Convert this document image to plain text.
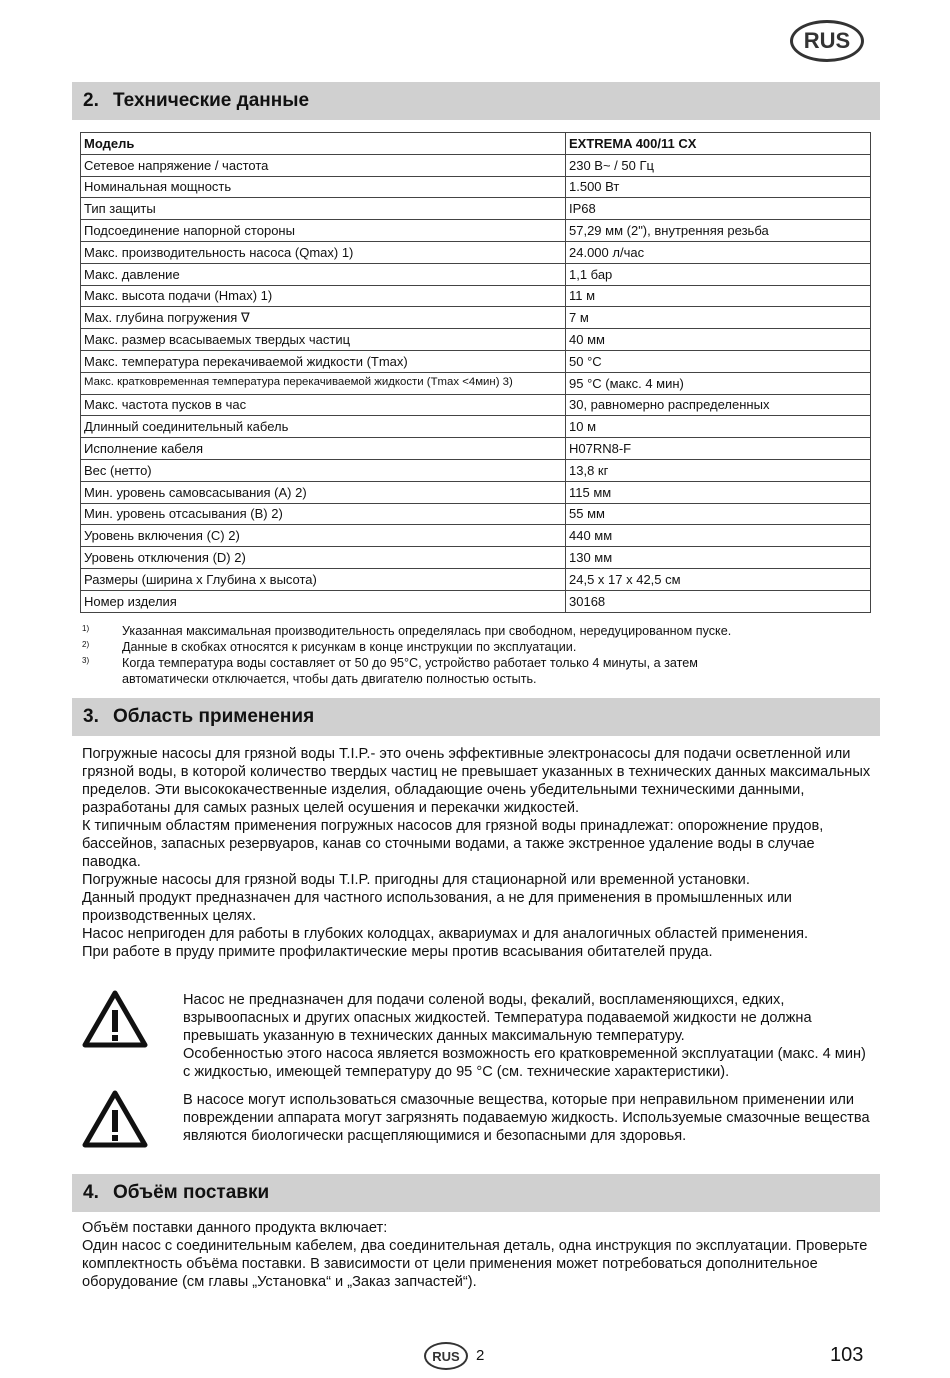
RUS
2. Технические данные
Модель	EXTREMA 400/11 CX
Сетевое напряжение / частота	230 В~ / 50 Гц
Номинальная мощность	1.500 Вт
Тип защиты	IP68
Подсоединение напорной стороны	57,29 мм (2"), внутренняя резьба
Макс. производительность насоса (Qmax) 1)	24.000 л/час
Макс. давление	1,1 бар
Макс. высота подачи (Hmax) 1)	11 м
Max. глубина погружения ∇	7 м
Макс. размер всасываемых твердых частиц	40 мм
Макс. температура перекачиваемой жидкости (Tmax)	50 °C
Макс. кратковременная температура перекачиваемой жидкости (Tmax <4мин) 3)	95 °C (макс. 4 мин)
Макс. частота пусков в час	30, равномерно распределенных
Длинный соединительный кабель	10 м
Исполнение кабеля	H07RN8-F
Вес (нетто)	13,8 кг
Мин. уровень самовсасывания (A) 2)	115 мм
Мин. уровень отсасывания (B) 2)	55 мм
Уровень включения (C) 2)	440 мм
Уровень отключения (D) 2)	130 мм
Размеры (ширина х Глубина х высота)	24,5 x 17 x 42,5 см
Номер изделия	30168
1)	Указанная максимальная производительность определялась при свободном, нередуцированном пуске.
2)	Данные в скобках относятся к рисункам в конце инструкции по эксплуатации.
3)	Когда температура воды составляет от 50 до 95°C, устройство работает только 4 минуты, а затем автоматически отключается, чтобы дать двигателю полностью остыть.
3. Область применения

Погружные насосы для грязной воды T.I.P.- это очень эффективные электронасосы для подачи осветленной или грязной воды, в которой количество твердых частиц не превышает указанных в технических данных максимальных пределов. Эти высококачественные изделия, обладающие очень убедительными техническими данными, разработаны для самых разных целей осушения и перекачки жидкостей.

К типичным областям применения погружных насосов для грязной воды принадлежат: опорожнение прудов, бассейнов, запасных резервуаров, канав со сточными водами, а также экстренное удаление воды в случае паводка.

Погружные насосы для грязной воды T.I.P. пригодны для стационарной или временной установки.

Данный продукт предназначен для частного использования, а не для применения в промышленных или производственных целях.

Насос непригоден для работы в глубоких колодцах, аквариумах и для аналогичных областей применения.

При работе в пруду примите профилактические меры против всасывания обитателей пруда.

Насос не предназначен для подачи соленой воды, фекалий, воспламеняющихся, едких, взрывоопасных и других опасных жидкостей. Температура подаваемой жидкости не должна превышать указанную в технических данных максимальную температуру.

Особенностью этого насоса является возможность его кратковременной эксплуатации (макс. 4 мин) с жидкостью, имеющей температуру до 95 °C (см. технические характеристики).

В насосе могут использоваться смазочные вещества, которые при неправильном применении или повреждении аппарата могут загрязнять подаваемую жидкость. Используемые смазочные вещества являются биологически расщепляющимися и безопасными для здоровья.

4. Объём поставки

Объём поставки данного продукта включает:

Один насос с соединительным кабелем, два соединительная деталь, одна инструкция по эксплуатации. Проверьте комплектность объёма поставки. В зависимости от цели применения может потребоваться дополнительное оборудование (см главы „Установка“ и „Заказ запчастей“).

RUS	2	103
